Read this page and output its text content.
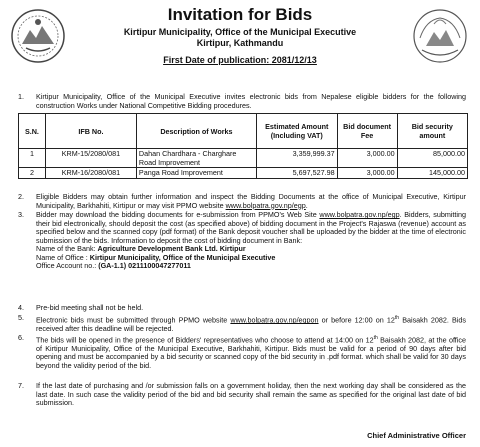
Invitation for Bids
Kirtipur Municipality, Office of the Municipal Executive
Kirtipur, Kathmandu
First Date of publication: 2081/12/13
1.	Kirtipur Municipality, Office of the Municipal Executive invites electronic bids from Nepalese eligible bidders for the following construction Works under National Competitive Bidding procedures.
S.N.	IFB No.	Description of Works	Estimated Amount (Including VAT)	Bid document Fee	Bid security amount
1	KRM-15/2080/081	Dahan Chardhara - Charghare Road Improvement	3,359,999.37	3,000.00	85,000.00
2	KRM-16/2080/081	Panga Road Improvement	5,697,527.98	3,000.00	145,000.00
2.	Eligible Bidders may obtain further information and inspect the Bidding Documents at the office of Municipal Executive, Kirtipur Municipality, Barkhahiti, Kirtipur or may visit PPMO website www.bolpatra.gov.np/egp.
3.	Bidder may download the bidding documents for e-submission from PPMO's Web Site www.bolpatra.gov.np/egp. Bidders, submitting their bid electronically, should deposit the cost (as specified above) of bidding document in the Project's Rajaswa (revenue) account as specified below and the scanned copy (pdf format) of the Bank deposit voucher shall be uploaded by the bidder at the time of electronic submission of the bids. Information to deposit the cost of bidding document in Bank:
Name of the Bank: Agriculture Development Bank Ltd. Kirtipur
Name of Office : Kirtipur Municipality, Office of the Municipal Executive
Office Account no.: (GA-1.1) 0211100047277011
4.	Pre-bid meeting shall not be held.
5.	Electronic bids must be submitted through PPMO website www.bolpatra.gov.np/egpon or before 12:00 on 12th Baisakh 2082. Bids received after this deadline will be rejected.
6.	The bids will be opened in the presence of Bidders' representatives who choose to attend at 14:00 on 12th Baisakh 2082, at the office of Kirtipur Municipality, Office of the Municipal Executive, Barkhahiti, Kirtipur. Bids must be valid for a period of 90 days after bid opening and must be accompanied by a bid security or scanned copy of the bid security in .pdf format. which shall be valid for 30 days beyond the validity period of the bid.
7.	If the last date of purchasing and /or submission falls on a government holiday, then the next working day shall be considered as the last date. In such case the validity period of the bid and bid security shall remain the same as specified for the original last date of bid submission.
Chief Administrative Officer
